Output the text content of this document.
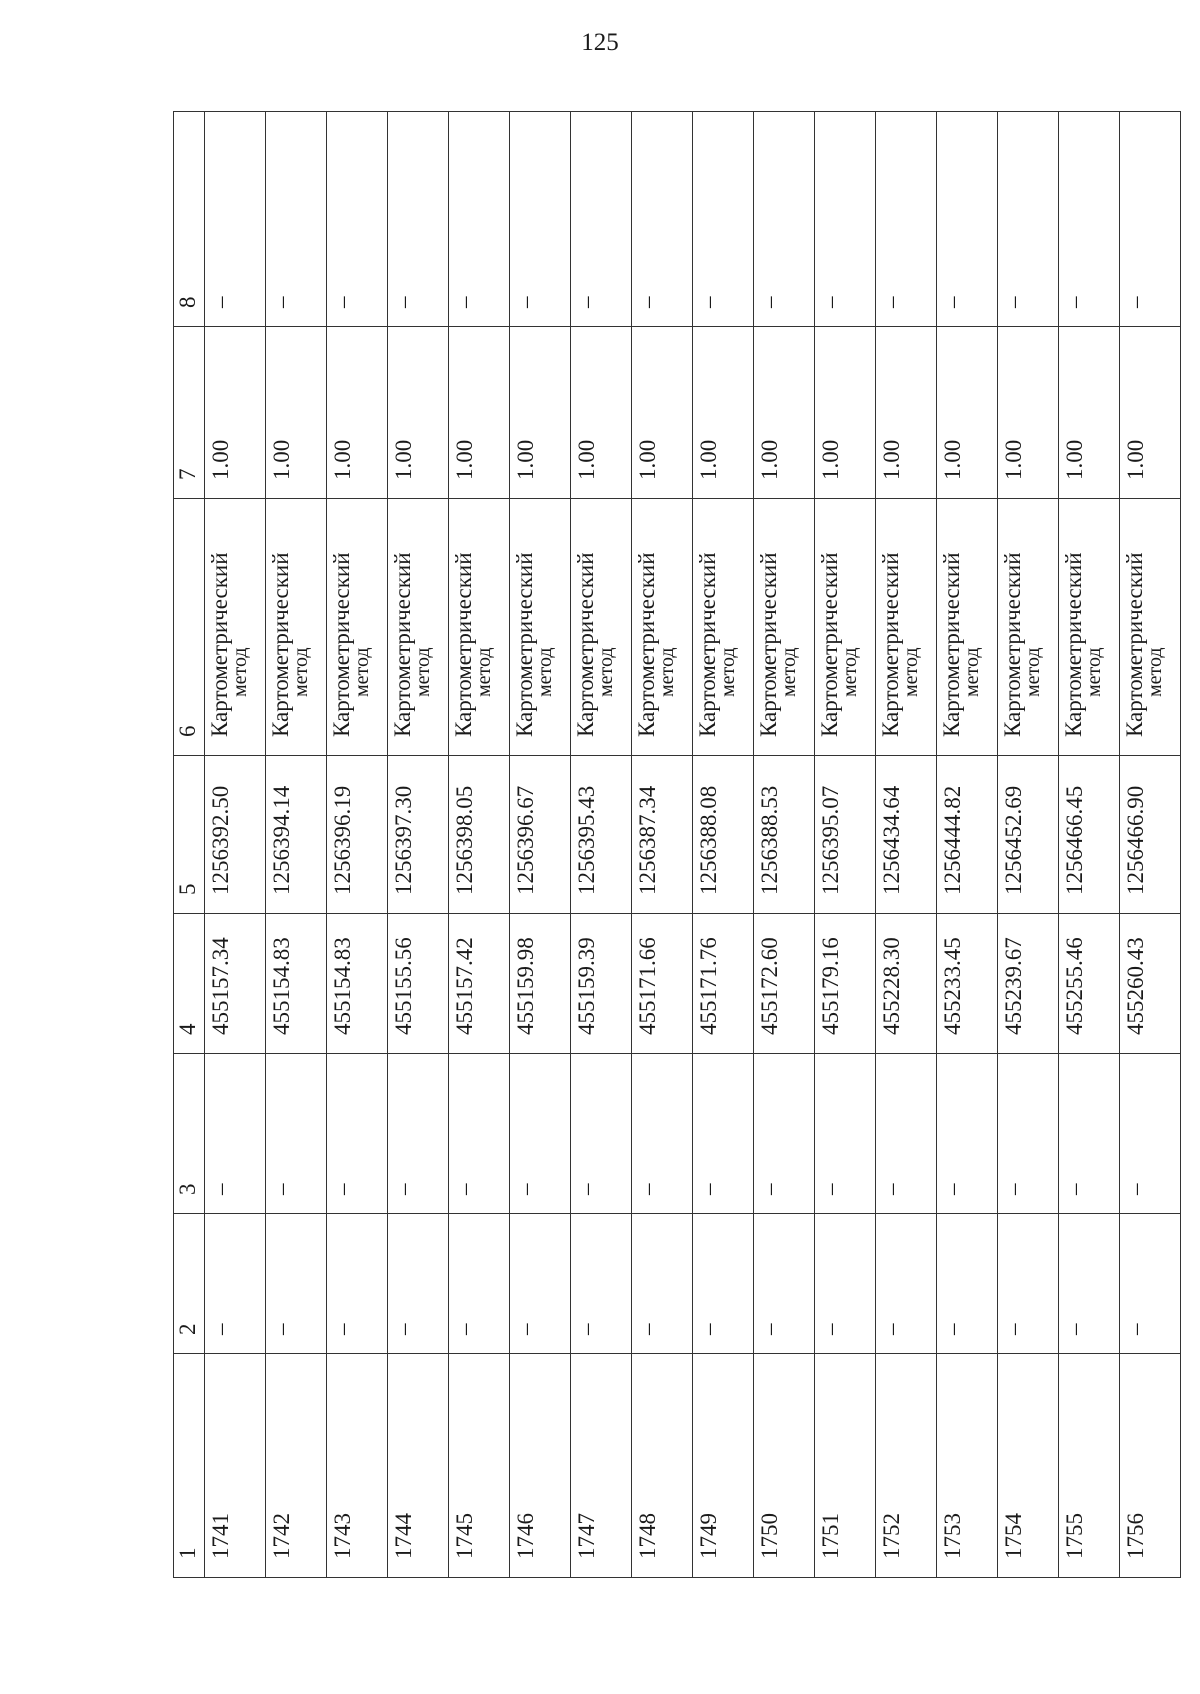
125
1	2	3	4	5	6	7	8
1741	–	–	455157.34	1256392.50	Картометрический
метод	1.00	–
1742	–	–	455154.83	1256394.14	Картометрический
метод	1.00	–
1743	–	–	455154.83	1256396.19	Картометрический
метод	1.00	–
1744	–	–	455155.56	1256397.30	Картометрический
метод	1.00	–
1745	–	–	455157.42	1256398.05	Картометрический
метод	1.00	–
1746	–	–	455159.98	1256396.67	Картометрический
метод	1.00	–
1747	–	–	455159.39	1256395.43	Картометрический
метод	1.00	–
1748	–	–	455171.66	1256387.34	Картометрический
метод	1.00	–
1749	–	–	455171.76	1256388.08	Картометрический
метод	1.00	–
1750	–	–	455172.60	1256388.53	Картометрический
метод	1.00	–
1751	–	–	455179.16	1256395.07	Картометрический
метод	1.00	–
1752	–	–	455228.30	1256434.64	Картометрический
метод	1.00	–
1753	–	–	455233.45	1256444.82	Картометрический
метод	1.00	–
1754	–	–	455239.67	1256452.69	Картометрический
метод	1.00	–
1755	–	–	455255.46	1256466.45	Картометрический
метод	1.00	–
1756	–	–	455260.43	1256466.90	Картометрический
метод	1.00	–
